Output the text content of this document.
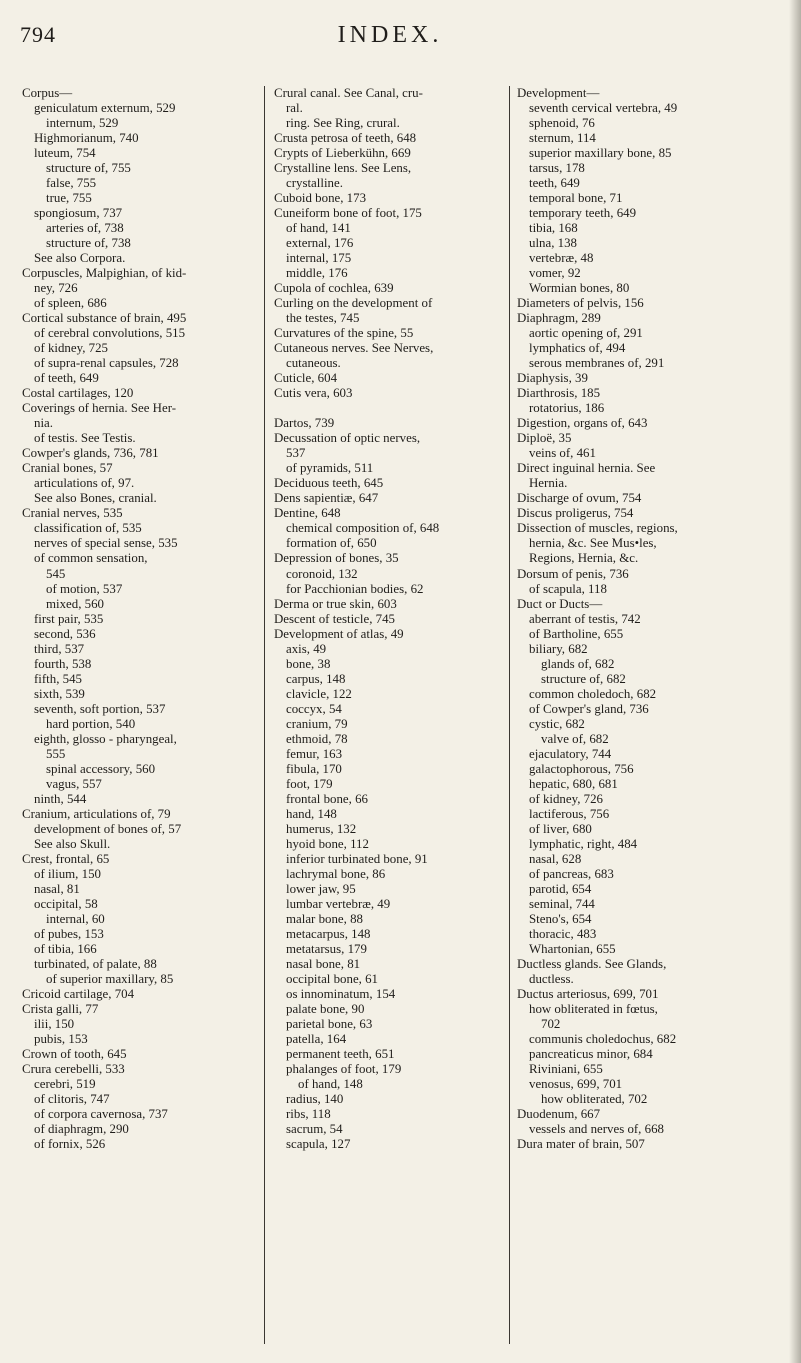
794	INDEX.
Corpus—
geniculatum externum, 529
internum, 529
Highmorianum, 740
luteum, 754
structure of, 755
false, 755
true, 755
spongiosum, 737
arteries of, 738
structure of, 738
See also Corpora.
Corpuscles, Malpighian, of kid-
ney, 726
of spleen, 686
Cortical substance of brain, 495
of cerebral convolutions, 515
of kidney, 725
of supra-renal capsules, 728
of teeth, 649
Costal cartilages, 120
Coverings of hernia. See Her-
nia.
of testis. See Testis.
Cowper's glands, 736, 781
Cranial bones, 57
articulations of, 97.
See also Bones, cranial.
Cranial nerves, 535
classification of, 535
nerves of special sense, 535
of common sensation,
545
of motion, 537
mixed, 560
first pair, 535
second, 536
third, 537
fourth, 538
fifth, 545
sixth, 539
seventh, soft portion, 537
hard portion, 540
eighth, glosso - pharyngeal,
555
spinal accessory, 560
vagus, 557
ninth, 544
Cranium, articulations of, 79
development of bones of, 57
See also Skull.
Crest, frontal, 65
of ilium, 150
nasal, 81
occipital, 58
internal, 60
of pubes, 153
of tibia, 166
turbinated, of palate, 88
of superior maxillary, 85
Cricoid cartilage, 704
Crista galli, 77
ilii, 150
pubis, 153
Crown of tooth, 645
Crura cerebelli, 533
cerebri, 519
of clitoris, 747
of corpora cavernosa, 737
of diaphragm, 290
of fornix, 526
Crural canal. See Canal, cru-
ral.
ring. See Ring, crural.
Crusta petrosa of teeth, 648
Crypts of Lieberkühn, 669
Crystalline lens. See Lens,
crystalline.
Cuboid bone, 173
Cuneiform bone of foot, 175
of hand, 141
external, 176
internal, 175
middle, 176
Cupola of cochlea, 639
Curling on the development of
the testes, 745
Curvatures of the spine, 55
Cutaneous nerves. See Nerves,
cutaneous.
Cuticle, 604
Cutis vera, 603

Dartos, 739
Decussation of optic nerves,
537
of pyramids, 511
Deciduous teeth, 645
Dens sapientiæ, 647
Dentine, 648
chemical composition of, 648
formation of, 650
Depression of bones, 35
coronoid, 132
for Pacchionian bodies, 62
Derma or true skin, 603
Descent of testicle, 745
Development of atlas, 49
axis, 49
bone, 38
carpus, 148
clavicle, 122
coccyx, 54
cranium, 79
ethmoid, 78
femur, 163
fibula, 170
foot, 179
frontal bone, 66
hand, 148
humerus, 132
hyoid bone, 112
inferior turbinated bone, 91
lachrymal bone, 86
lower jaw, 95
lumbar vertebræ, 49
malar bone, 88
metacarpus, 148
metatarsus, 179
nasal bone, 81
occipital bone, 61
os innominatum, 154
palate bone, 90
parietal bone, 63
patella, 164
permanent teeth, 651
phalanges of foot, 179
of hand, 148
radius, 140
ribs, 118
sacrum, 54
scapula, 127
Development—
seventh cervical vertebra, 49
sphenoid, 76
sternum, 114
superior maxillary bone, 85
tarsus, 178
teeth, 649
temporal bone, 71
temporary teeth, 649
tibia, 168
ulna, 138
vertebræ, 48
vomer, 92
Wormian bones, 80
Diameters of pelvis, 156
Diaphragm, 289
aortic opening of, 291
lymphatics of, 494
serous membranes of, 291
Diaphysis, 39
Diarthrosis, 185
rotatorius, 186
Digestion, organs of, 643
Diploë, 35
veins of, 461
Direct inguinal hernia. See
Hernia.
Discharge of ovum, 754
Discus proligerus, 754
Dissection of muscles, regions,
hernia, &c. See Mus•les,
Regions, Hernia, &c.
Dorsum of penis, 736
of scapula, 118
Duct or Ducts—
aberrant of testis, 742
of Bartholine, 655
biliary, 682
glands of, 682
structure of, 682
common choledoch, 682
of Cowper's gland, 736
cystic, 682
valve of, 682
ejaculatory, 744
galactophorous, 756
hepatic, 680, 681
of kidney, 726
lactiferous, 756
of liver, 680
lymphatic, right, 484
nasal, 628
of pancreas, 683
parotid, 654
seminal, 744
Steno's, 654
thoracic, 483
Whartonian, 655
Ductless glands. See Glands,
ductless.
Ductus arteriosus, 699, 701
how obliterated in fœtus,
702
communis choledochus, 682
pancreaticus minor, 684
Riviniani, 655
venosus, 699, 701
how obliterated, 702
Duodenum, 667
vessels and nerves of, 668
Dura mater of brain, 507
